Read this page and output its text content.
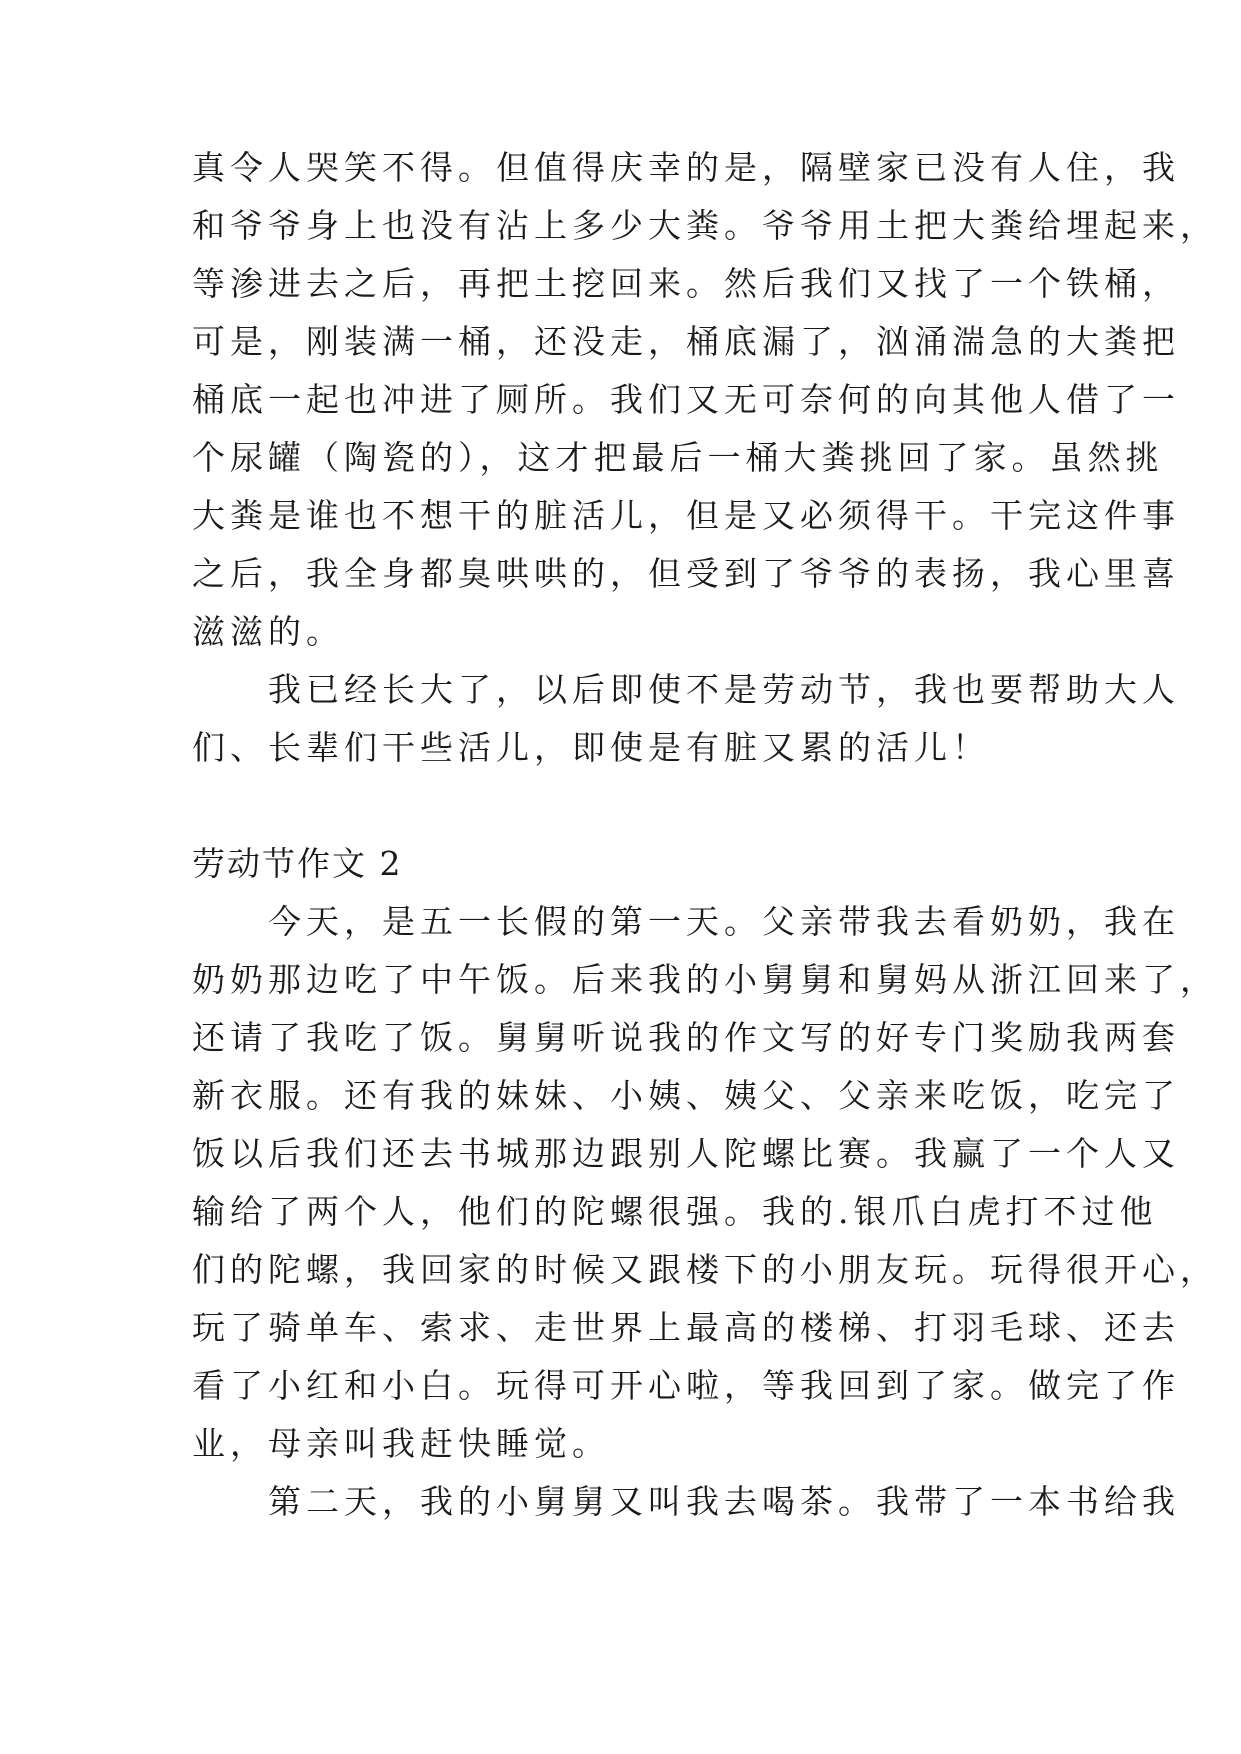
真令人哭笑不得。但值得庆幸的是，隔壁家已没有人住，我

和爷爷身上也没有沾上多少大粪。爷爷用土把大粪给埋起来，

等渗进去之后，再把土挖回来。然后我们又找了一个铁桶，

可是，刚装满一桶，还没走，桶底漏了，汹涌湍急的大粪把

桶底一起也冲进了厕所。我们又无可奈何的向其他人借了一

个尿罐（陶瓷的），这才把最后一桶大粪挑回了家。虽然挑

大粪是谁也不想干的脏活儿，但是又必须得干。干完这件事

之后，我全身都臭哄哄的，但受到了爷爷的表扬，我心里喜

滋滋的。

　　我已经长大了，以后即使不是劳动节，我也要帮助大人

们、长辈们干些活儿，即使是有脏又累的活儿！

劳动节作文 2

　　今天，是五一长假的第一天。父亲带我去看奶奶，我在

奶奶那边吃了中午饭。后来我的小舅舅和舅妈从浙江回来了，

还请了我吃了饭。舅舅听说我的作文写的好专门奖励我两套

新衣服。还有我的妹妹、小姨、姨父、父亲来吃饭，吃完了

饭以后我们还去书城那边跟别人陀螺比赛。我赢了一个人又

输给了两个人，他们的陀螺很强。我的.银爪白虎打不过他

们的陀螺，我回家的时候又跟楼下的小朋友玩。玩得很开心，

玩了骑单车、索求、走世界上最高的楼梯、打羽毛球、还去

看了小红和小白。玩得可开心啦，等我回到了家。做完了作

业，母亲叫我赶快睡觉。

　　第二天，我的小舅舅又叫我去喝茶。我带了一本书给我
